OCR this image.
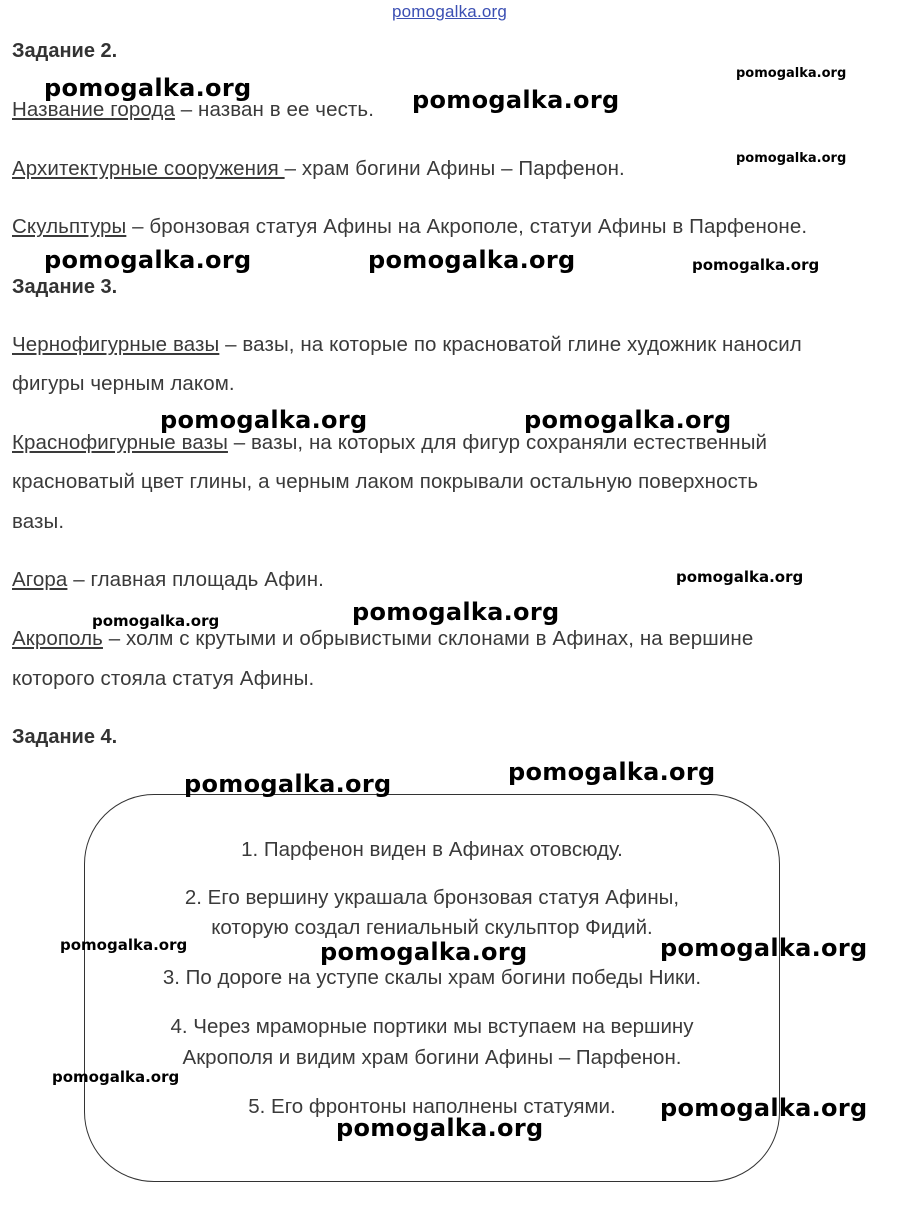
pomogalka.org
Задание 2.
Название города – назван в ее честь.
Архитектурные сооружения – храм богини Афины – Парфенон.
Скульптуры – бронзовая статуя Афины на Акрополе, статуи Афины в Парфеноне.
Задание 3.
Чернофигурные вазы – вазы, на которые по красноватой глине художник наносил
фигуры черным лаком.
Краснофигурные вазы – вазы, на которых для фигур сохраняли естественный
красноватый цвет глины, а черным лаком покрывали остальную поверхность
вазы.
Агора – главная площадь Афин.
Акрополь – холм с крутыми и обрывистыми склонами в Афинах, на вершине
которого стояла статуя Афины.
Задание 4.
1. Парфенон виден в Афинах отовсюду.
2. Его вершину украшала бронзовая статуя Афины,
которую создал гениальный скульптор Фидий.
3. По дороге на уступе скалы храм богини победы Ники.
4. Через мраморные портики мы вступаем на вершину
Акрополя и видим храм богини Афины – Парфенон.
5. Его фронтоны наполнены статуями.
pomogalka.org
pomogalka.org
pomogalka.org
pomogalka.org
pomogalka.org	pomogalka.org	pomogalka.org
pomogalka.org	pomogalka.org
pomogalka.org
pomogalka.org	pomogalka.org
pomogalka.org	pomogalka.org
pomogalka.org	pomogalka.org	pomogalka.org
pomogalka.org
pomogalka.org
pomogalka.org
